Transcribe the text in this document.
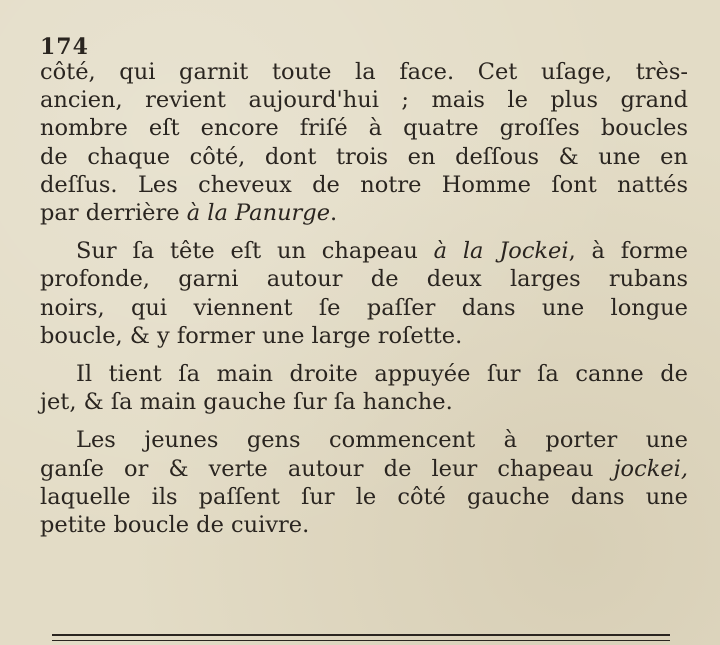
174
côté, qui garnit toute la face. Cet uſage, très-
ancien, revient aujourd'hui ; mais le plus grand
nombre eſt encore friſé à quatre groſſes boucles
de chaque côté, dont trois en deſſous & une en
deſſus. Les cheveux de notre Homme ſont nattés
par derrière à la Panurge.
Sur ſa tête eſt un chapeau à la Jockei, à forme
profonde, garni autour de deux larges rubans
noirs, qui viennent ſe paſſer dans une longue
boucle, & y former une large roſette.
Il tient ſa main droite appuyée ſur ſa canne de
jet, & ſa main gauche ſur ſa hanche.
Les jeunes gens commencent à porter une
ganſe or & verte autour de leur chapeau jockei,
laquelle ils paſſent ſur le côté gauche dans une
petite boucle de cuivre.
